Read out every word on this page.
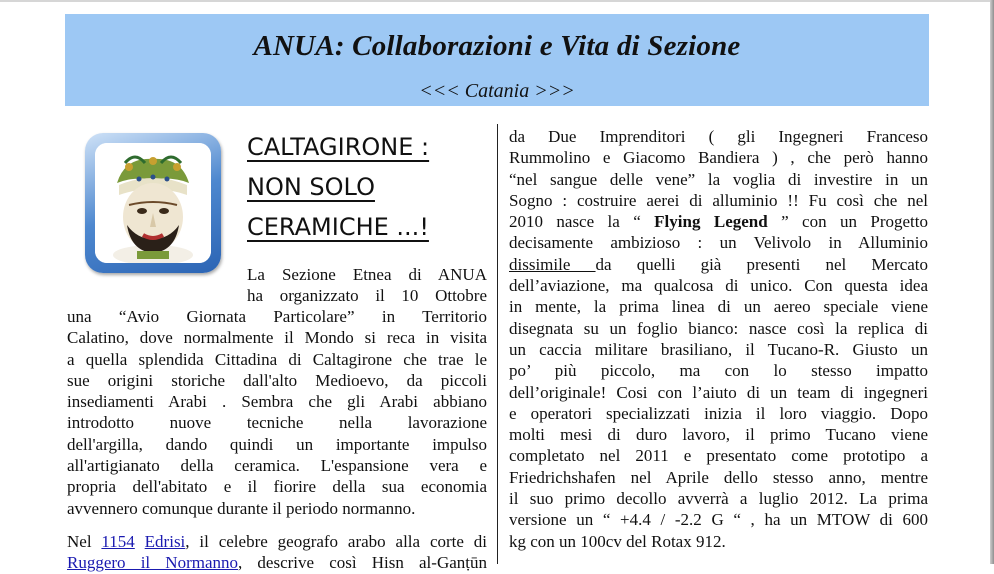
ANUA: Collaborazioni e Vita di Sezione
<<< Catania >>>
CALTAGIRONE :
NON SOLO
CERAMICHE ...!
La Sezione Etnea di ANUA
ha organizzato il 10 Ottobre
una “Avio Giornata Particolare” in Territorio
Calatino, dove normalmente il Mondo si reca in visita
a quella splendida Cittadina di Caltagirone che trae le
sue origini storiche dall'alto Medioevo, da piccoli
insediamenti Arabi . Sembra che gli Arabi abbiano
introdotto nuove tecniche nella lavorazione
dell'argilla, dando quindi un importante impulso
all'artigianato della ceramica. L'espansione vera e
propria dell'abitato e il fiorire della sua economia
avvennero comunque durante il periodo normanno.
Nel 1154 Edrisi, il celebre geografo arabo alla corte di
Ruggero il Normanno, descrive così Hisn al-Ganṭūn
da Due Imprenditori ( gli Ingegneri Franceso
Rummolino e Giacomo Bandiera ) , che però hanno
“nel sangue delle vene” la voglia di investire in un
Sogno : costruire aerei di alluminio !! Fu così che nel
2010 nasce la “ Flying Legend ” con un Progetto
decisamente ambizioso : un Velivolo in Alluminio
dissimile da quelli già presenti nel Mercato
dell’aviazione, ma qualcosa di unico. Con questa idea
in mente, la prima linea di un aereo speciale viene
disegnata su un foglio bianco: nasce così la replica di
un caccia militare brasiliano, il Tucano-R. Giusto un
po’ più piccolo, ma con lo stesso impatto
dell’originale! Cosi con l’aiuto di un team di ingegneri
e operatori specializzati inizia il loro viaggio. Dopo
molti mesi di duro lavoro, il primo Tucano viene
completato nel 2011 e presentato come prototipo a
Friedrichshafen nel Aprile dello stesso anno, mentre
il suo primo decollo avverrà a luglio 2012. La prima
versione un “ +4.4 / -2.2 G “ , ha un MTOW di 600
kg con un 100cv del Rotax 912.
